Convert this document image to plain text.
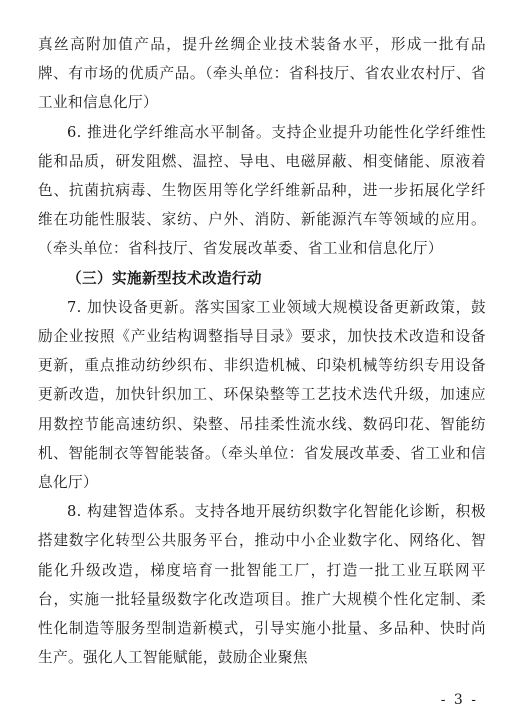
真丝高附加值产品，提升丝绸企业技术装备水平，形成一批有品牌、有市场的优质产品。（牵头单位：省科技厅、省农业农村厅、省工业和信息化厅）

6. 推进化学纤维高水平制备。支持企业提升功能性化学纤维性能和品质，研发阻燃、温控、导电、电磁屏蔽、相变储能、原液着色、抗菌抗病毒、生物医用等化学纤维新品种，进一步拓展化学纤维在功能性服装、家纺、户外、消防、新能源汽车等领域的应用。（牵头单位：省科技厅、省发展改革委、省工业和信息化厅）

（三）实施新型技术改造行动

7. 加快设备更新。落实国家工业领域大规模设备更新政策，鼓励企业按照《产业结构调整指导目录》要求，加快技术改造和设备更新，重点推动纺纱织布、非织造机械、印染机械等纺织专用设备更新改造，加快针织加工、环保染整等工艺技术迭代升级，加速应用数控节能高速纺织、染整、吊挂柔性流水线、数码印花、智能纺机、智能制衣等智能装备。（牵头单位：省发展改革委、省工业和信息化厅）

8. 构建智造体系。支持各地开展纺织数字化智能化诊断，积极搭建数字化转型公共服务平台，推动中小企业数字化、网络化、智能化升级改造，梯度培育一批智能工厂，打造一批工业互联网平台，实施一批轻量级数字化改造项目。推广大规模个性化定制、柔性化制造等服务型制造新模式，引导实施小批量、多品种、快时尚生产。强化人工智能赋能，鼓励企业聚焦

- 3 -
